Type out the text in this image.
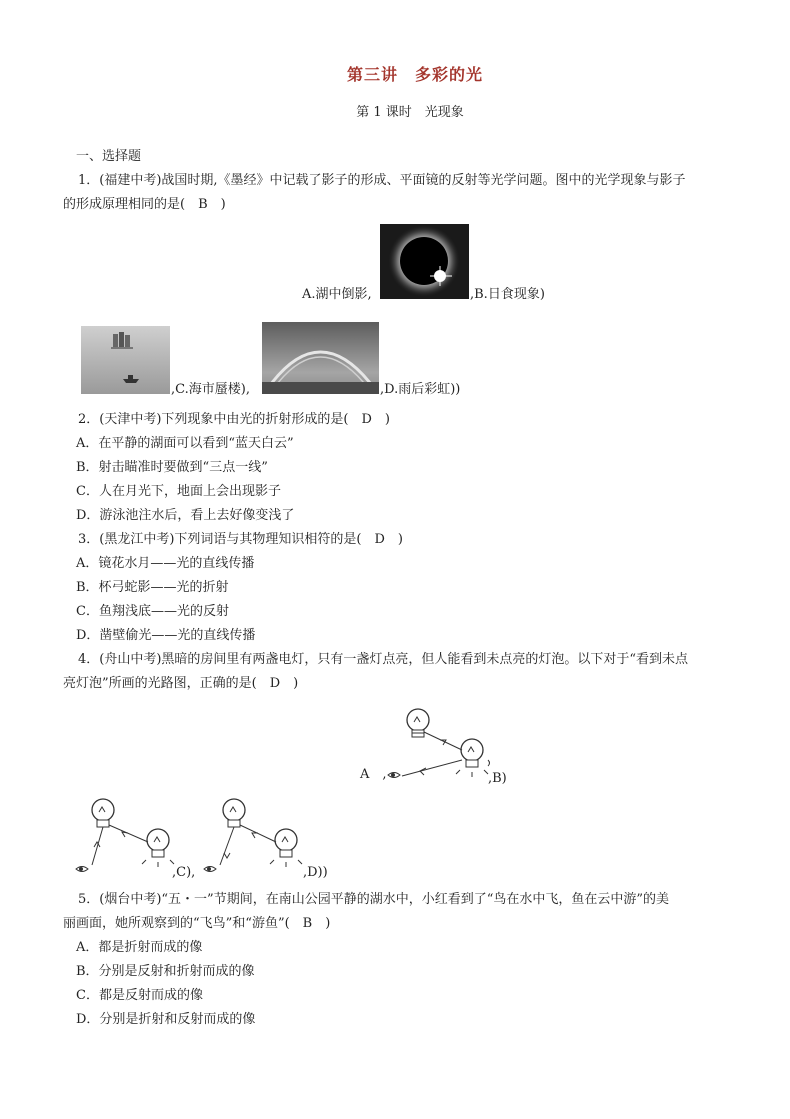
第三讲　多彩的光
第 1 课时　光现象
一、选择题
1．(福建中考)战国时期,《墨经》中记载了影子的形成、平面镜的反射等光学问题。图中的光学现象与影子
的形成原理相同的是(　B　)
A.湖中倒影,	,B.日食现象)
,C.海市蜃楼),	,D.雨后彩虹))
2．(天津中考)下列现象中由光的折射形成的是(　D　)
A．在平静的湖面可以看到“蓝天白云”
B．射击瞄准时要做到“三点一线”
C．人在月光下，地面上会出现影子
D．游泳池注水后，看上去好像变浅了
3．(黑龙江中考)下列词语与其物理知识相符的是(　D　)
A．镜花水月——光的直线传播
B．杯弓蛇影——光的折射
C．鱼翔浅底——光的反射
D．凿壁偷光——光的直线传播
4．(舟山中考)黑暗的房间里有两盏电灯，只有一盏灯点亮，但人能看到未点亮的灯泡。以下对于“看到未点
亮灯泡”所画的光路图，正确的是(　D　)
A　,	,B)
,C),	,D))
5．(烟台中考)“五・一”节期间，在南山公园平静的湖水中，小红看到了“鸟在水中飞，鱼在云中游”的美
丽画面，她所观察到的“飞鸟”和“游鱼”(　B　)
A．都是折射而成的像
B．分别是反射和折射而成的像
C．都是反射而成的像
D．分别是折射和反射而成的像
